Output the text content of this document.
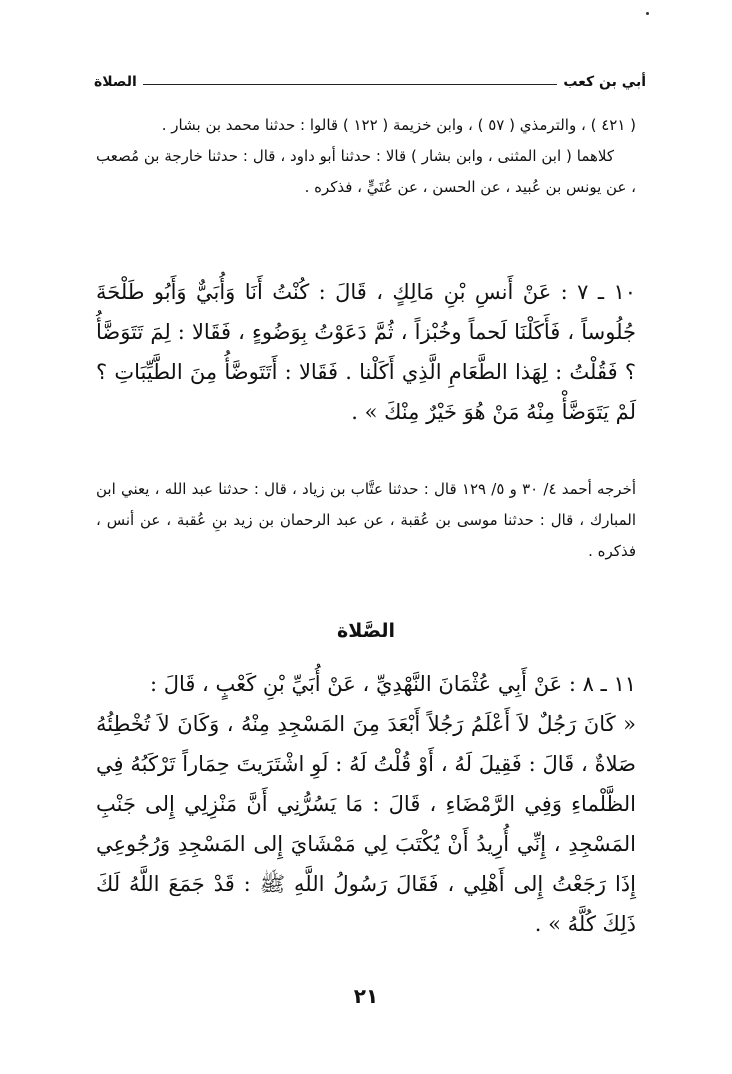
أبي بن كعب
الصلاة

( ٤٢١ ) ، والترمذي ( ٥٧ ) ، وابن خزيمة ( ١٢٢ ) قالوا : حدثنا محمد بن بشار .

كلاهما ( ابن المثنى ، وابن بشار ) قالا : حدثنا أبو داود ، قال : حدثنا خارجة بن مُصعب ، عن يونس بن عُبيد ، عن الحسن ، عن عُتَيٍّ ، فذكره .

١٠ ـ ٧ : عَنْ أَنسِ بْنِ مَالِكٍ ، قَالَ : كُنْتُ أَنَا وَأُبَيٌّ وَأَبُو طَلْحَةَ جُلُوساً ، فَأَكَلْنَا لَحماً وخُبْزاً ، ثُمَّ دَعَوْتُ بِوَضُوءٍ ، فَقَالا : لِمَ تَتَوَضَّأُ ؟ فَقُلْتُ : لِهَذا الطَّعَامِ الَّذِي أَكَلْنا . فَقَالا : أَتَتَوضَّأُ مِنَ الطَّيِّبَاتِ ؟ لَمْ يَتَوَضَّأْ مِنْهُ مَنْ هُوَ خَيْرٌ مِنْكَ » .

أخرجه أحمد ٤/ ٣٠ و ٥/ ١٢٩ قال : حدثنا عتَّاب بن زياد ، قال : حدثنا عبد الله ، يعني ابن المبارك ، قال : حدثنا موسى بن عُقبة ، عن عبد الرحمان بن زيد بنِ عُقبة ، عن أنس ، فذكره .

الصَّلاة

١١ ـ ٨ : عَنْ أَبِي عُثْمَانَ النَّهْدِيِّ ، عَنْ أُبَيِّ بْنِ كَعْبٍ ، قَالَ :

« كَانَ رَجُلٌ لاَ أَعْلَمُ رَجُلاً أَبْعَدَ مِنَ المَسْجِدِ مِنْهُ ، وَكَانَ لاَ تُخْطِئُهُ صَلاةٌ ، قَالَ : فَقِيلَ لَهُ ، أَوْ قُلْتُ لَهُ : لَوِ اشْتَرَيتَ حِمَاراً تَرْكَبُهُ فِي الظَّلْماءِ وَفِي الرَّمْضَاءِ ، قَالَ : مَا يَسُرُّنِي أَنَّ مَنْزِلِي إِلى جَنْبِ المَسْجِدِ ، إِنِّي أُرِيدُ أَنْ يُكْتَبَ لِي مَمْشَايَ إِلى المَسْجِدِ وَرُجُوعِي إِذَا رَجَعْتُ إِلى أَهْلِي ، فَقَالَ رَسُولُ اللَّهِ ﷺ : قَدْ جَمَعَ اللَّهُ لَكَ ذَلِكَ كُلَّهُ » .

٢١
